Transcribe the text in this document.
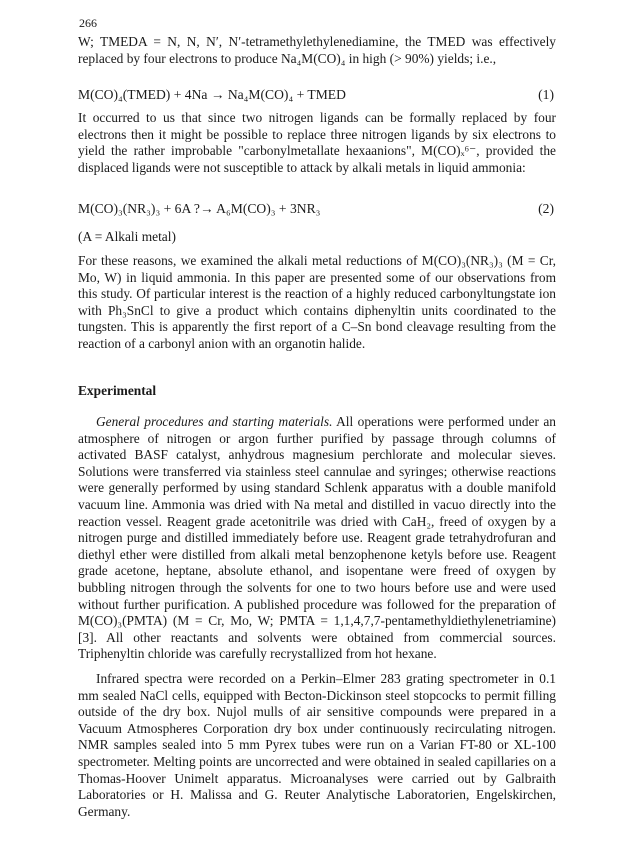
266

W; TMEDA = N, N, N′, N′-tetramethylethylenediamine, the TMED was effectively replaced by four electrons to produce Na₄M(CO)₄ in high (> 90%) yields; i.e.,

M(CO)₄(TMED) + 4Na → Na₄M(CO)₄ + TMED	(1)

It occurred to us that since two nitrogen ligands can be formally replaced by four electrons then it might be possible to replace three nitrogen ligands by six electrons to yield the rather improbable "carbonylmetallate hexaanions", M(CO)ₓ⁶⁻, provided the displaced ligands were not susceptible to attack by alkali metals in liquid ammonia:

M(CO)₃(NR₃)₃ + 6A ?→ A₆M(CO)₃ + 3NR₃	(2)

(A = Alkali metal)

For these reasons, we examined the alkali metal reductions of M(CO)₃(NR₃)₃ (M = Cr, Mo, W) in liquid ammonia. In this paper are presented some of our observations from this study. Of particular interest is the reaction of a highly reduced carbonyltungstate ion with Ph₃SnCl to give a product which contains diphenyltin units coordinated to the tungsten. This is apparently the first report of a C–Sn bond cleavage resulting from the reaction of a carbonyl anion with an organotin halide.

Experimental

General procedures and starting materials. All operations were performed under an atmosphere of nitrogen or argon further purified by passage through columns of activated BASF catalyst, anhydrous magnesium perchlorate and molecular sieves. Solutions were transferred via stainless steel cannulae and syringes; otherwise reactions were generally performed by using standard Schlenk apparatus with a double manifold vacuum line. Ammonia was dried with Na metal and distilled in vacuo directly into the reaction vessel. Reagent grade acetonitrile was dried with CaH₂, freed of oxygen by a nitrogen purge and distilled immediately before use. Reagent grade tetrahydrofuran and diethyl ether were distilled from alkali metal benzophenone ketyls before use. Reagent grade acetone, heptane, absolute ethanol, and isopentane were freed of oxygen by bubbling nitrogen through the solvents for one to two hours before use and were used without further purification. A published procedure was followed for the preparation of M(CO)₃(PMTA) (M = Cr, Mo, W; PMTA = 1,1,4,7,7-pentamethyldiethylenetriamine) [3]. All other reactants and solvents were obtained from commercial sources. Triphenyltin chloride was carefully recrystallized from hot hexane.

Infrared spectra were recorded on a Perkin–Elmer 283 grating spectrometer in 0.1 mm sealed NaCl cells, equipped with Becton-Dickinson steel stopcocks to permit filling outside of the dry box. Nujol mulls of air sensitive compounds were prepared in a Vacuum Atmospheres Corporation dry box under continuously recirculating nitrogen. NMR samples sealed into 5 mm Pyrex tubes were run on a Varian FT-80 or XL-100 spectrometer. Melting points are uncorrected and were obtained in sealed capillaries on a Thomas-Hoover Unimelt apparatus. Microanalyses were carried out by Galbraith Laboratories or H. Malissa and G. Reuter Analytische Laboratorien, Engelskirchen, Germany.
